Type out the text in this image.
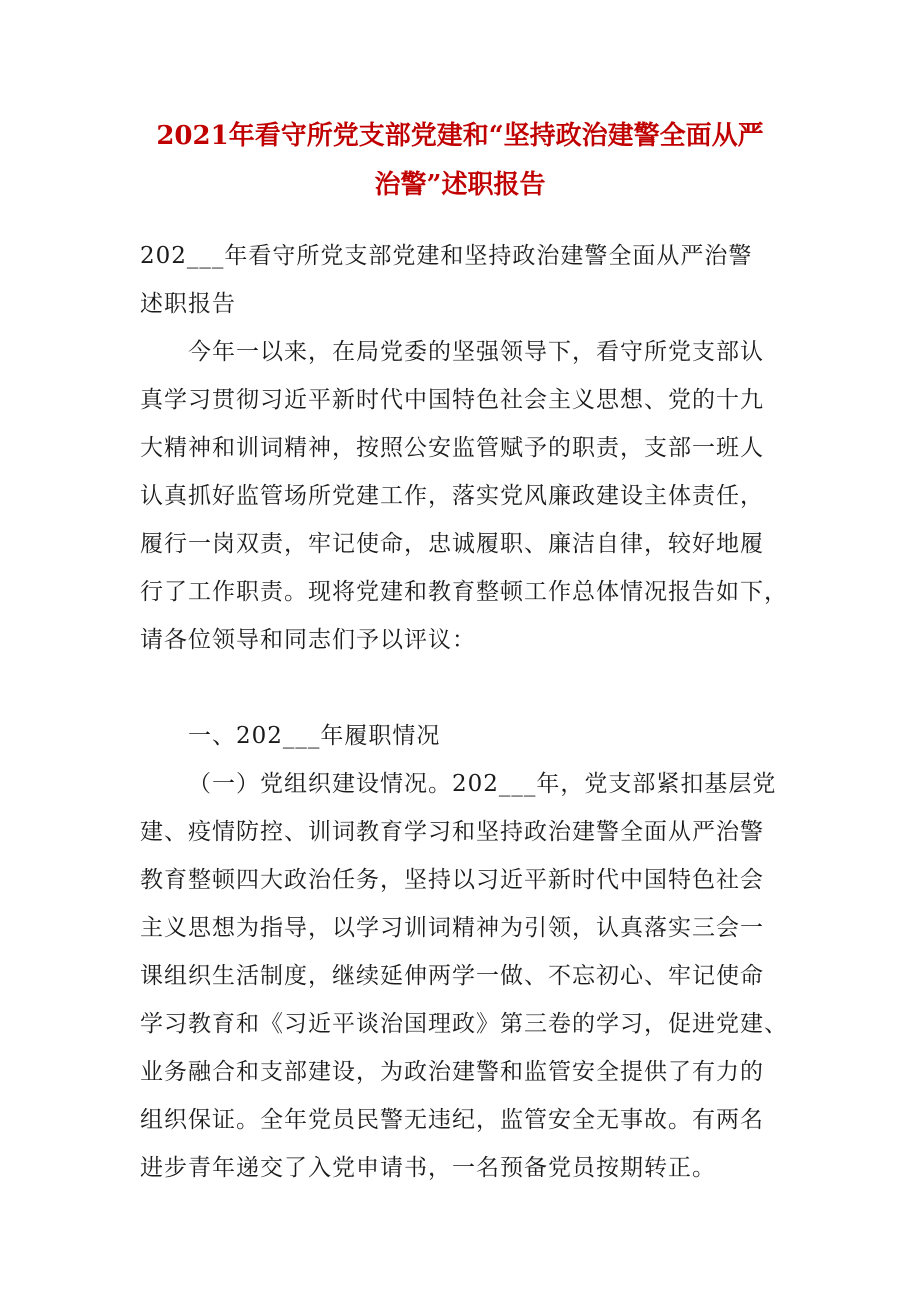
2021年看守所党支部党建和“坚持政治建警全面从严
治警”述职报告
202___年看守所党支部党建和坚持政治建警全面从严治警
述职报告
今年一以来，在局党委的坚强领导下，看守所党支部认
真学习贯彻习近平新时代中国特色社会主义思想、党的十九
大精神和训词精神，按照公安监管赋予的职责，支部一班人
认真抓好监管场所党建工作，落实党风廉政建设主体责任，
履行一岗双责，牢记使命，忠诚履职、廉洁自律，较好地履
行了工作职责。现将党建和教育整顿工作总体情况报告如下，
请各位领导和同志们予以评议：
一、202___年履职情况
（一）党组织建设情况。202___年，党支部紧扣基层党
建、疫情防控、训词教育学习和坚持政治建警全面从严治警
教育整顿四大政治任务，坚持以习近平新时代中国特色社会
主义思想为指导，以学习训词精神为引领，认真落实三会一
课组织生活制度，继续延伸两学一做、不忘初心、牢记使命
学习教育和《习近平谈治国理政》第三卷的学习，促进党建、
业务融合和支部建设，为政治建警和监管安全提供了有力的
组织保证。全年党员民警无违纪，监管安全无事故。有两名
进步青年递交了入党申请书，一名预备党员按期转正。
